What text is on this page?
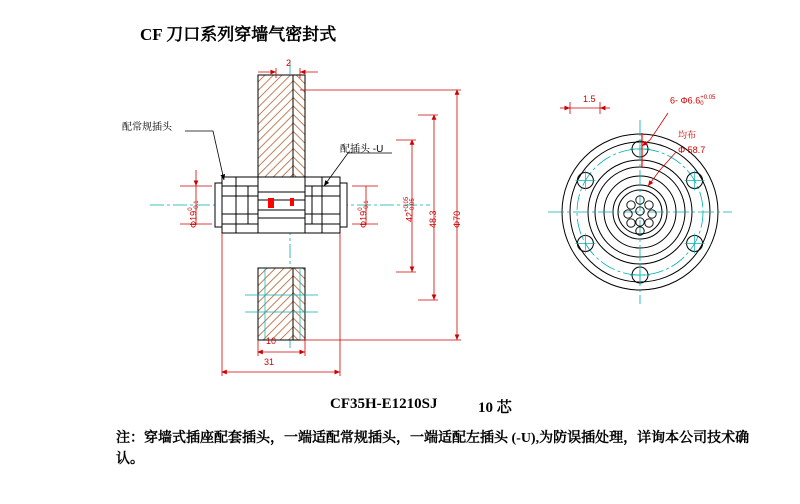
CF 刀口系列穿墙气密封式
配常规插头
配插头 -U
2
Φ19
0 -0.1
Φ19
0 -0.1
42
+0.05 -0.05
48.3 Φ70
10
31
1.5	6- Φ6.6 +0.05
0
均布
Φ 58.7
CF35H-E1210SJ	10 芯
注：穿墙式插座配套插头，一端适配常规插头，一端适配左插头 (-U),为防误插处理，详询本公司技术确认。
